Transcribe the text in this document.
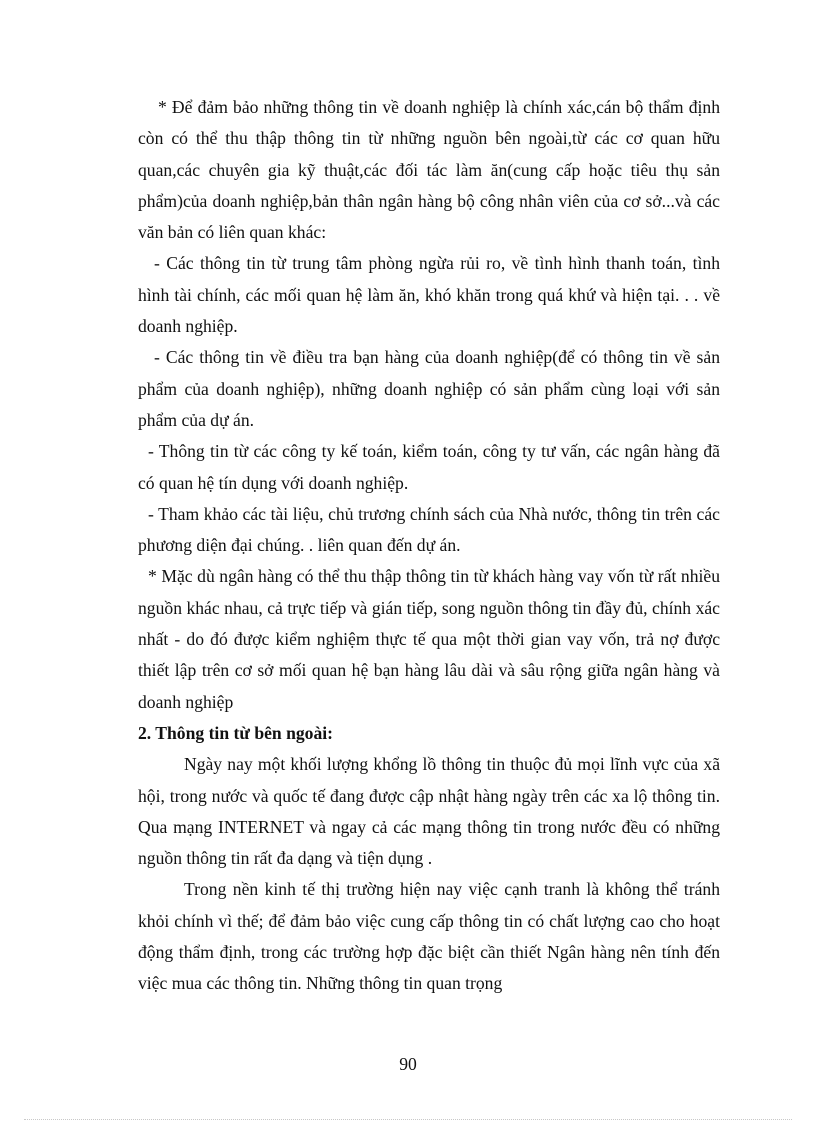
* Để đảm bảo những thông tin về doanh nghiệp là chính xác,cán bộ thẩm định còn có thể thu thập thông tin từ những nguồn bên ngoài,từ các cơ quan hữu quan,các chuyên gia kỹ thuật,các đối tác làm ăn(cung cấp hoặc tiêu thụ sản phẩm)của doanh nghiệp,bản thân ngân hàng bộ công nhân viên của cơ sở...và các văn bản có liên quan khác:

- Các thông tin từ trung tâm phòng ngừa rủi ro, về tình hình thanh toán, tình hình tài chính, các mối quan hệ làm ăn, khó khăn trong quá khứ và hiện tại. . . về doanh nghiệp.

- Các thông tin về điều tra bạn hàng của doanh nghiệp(để có thông tin về sản phẩm của doanh nghiệp), những doanh nghiệp có sản phẩm cùng loại với sản phẩm của dự án.

- Thông tin từ các công ty kế toán, kiểm toán, công ty tư vấn, các ngân hàng đã có quan hệ tín dụng với doanh nghiệp.

- Tham khảo các tài liệu, chủ trương chính sách của Nhà nước, thông tin trên các phương diện đại chúng. . liên quan đến dự án.

* Mặc dù ngân hàng có thể thu thập thông tin từ khách hàng vay vốn từ rất nhiều nguồn khác nhau, cả trực tiếp và gián tiếp, song nguồn thông tin đầy đủ, chính xác nhất - do đó được kiểm nghiệm thực tế qua một thời gian vay vốn, trả nợ được thiết lập trên cơ sở mối quan hệ bạn hàng lâu dài và sâu rộng giữa ngân hàng và doanh nghiệp

2. Thông tin từ bên ngoài:

Ngày nay một khối lượng khổng lồ thông tin thuộc đủ mọi lĩnh vực của xã hội, trong nước và quốc tế đang được cập nhật hàng ngày trên các xa lộ thông tin. Qua mạng INTERNET và ngay cả các mạng thông tin trong nước đều có những nguồn thông tin rất đa dạng và tiện dụng .

Trong nền kinh tế thị trường hiện nay việc cạnh tranh là không thể tránh khỏi chính vì thế; để đảm bảo việc cung cấp thông tin có chất lượng cao cho hoạt động thẩm định, trong các trường hợp đặc biệt cần thiết Ngân hàng nên tính đến việc mua các thông tin. Những thông tin quan trọng

90
